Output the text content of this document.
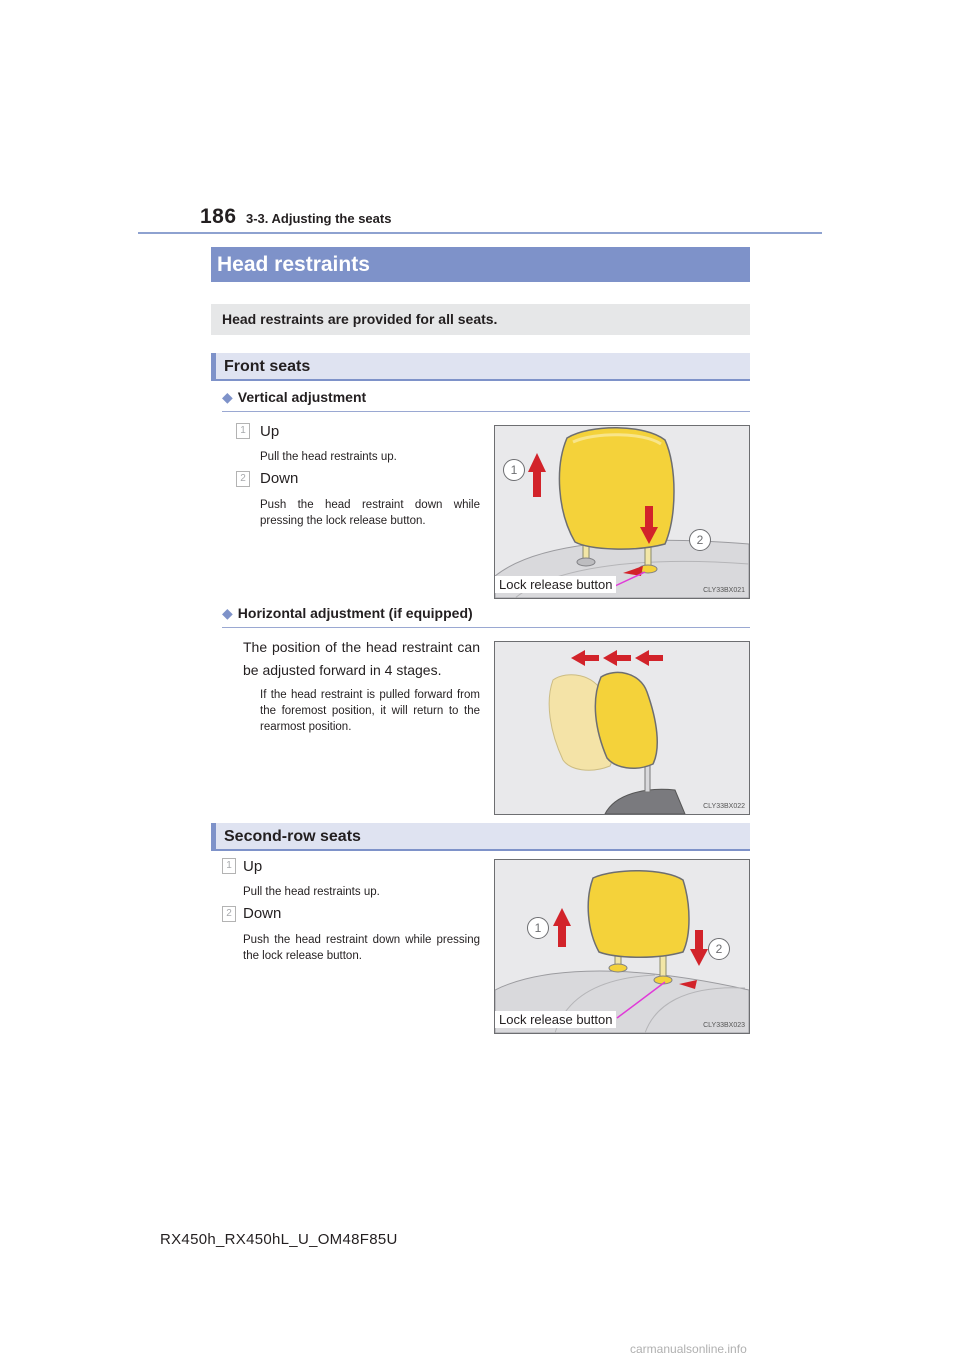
186 3-3. Adjusting the seats
Head restraints
Head restraints are provided for all seats.
Front seats
◆ Vertical adjustment
1 Up
Pull the head restraints up.
2 Down
Push the head restraint down while pressing the lock release button.
1
2
Lock release button	CLY33BX021
◆ Horizontal adjustment (if equipped)
The position of the head restraint can be adjusted forward in 4 stages.
If the head restraint is pulled forward from the foremost position, it will return to the rearmost position.
CLY33BX022
Second-row seats
1 Up
Pull the head restraints up.
2 Down
Push the head restraint down while pressing the lock release button.
1
2
Lock release button	CLY33BX023
RX450h_RX450hL_U_OM48F85U
carmanualsonline.info
